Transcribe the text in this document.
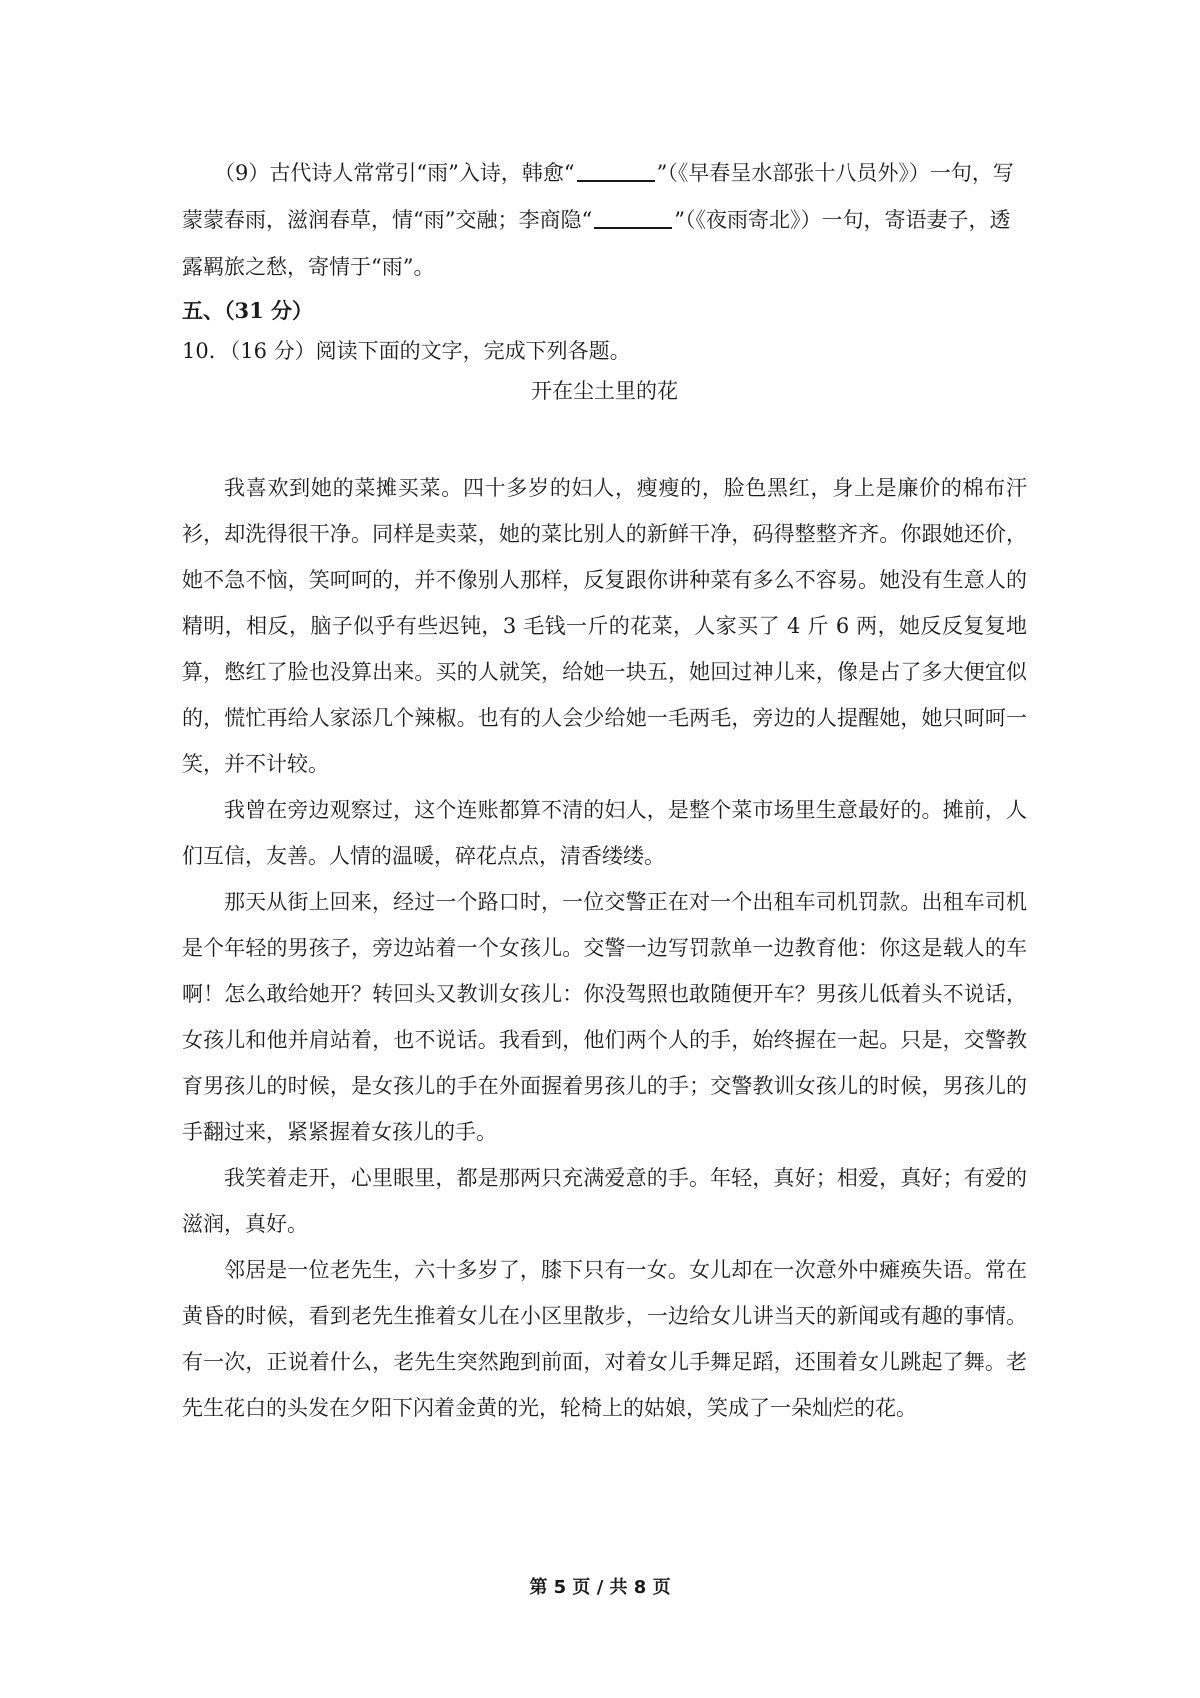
（9）古代诗人常常引“雨”入诗，韩愈“	”（《早春呈水部张十八员外》）一句，写蒙蒙春雨，滋润春草，情“雨”交融；李商隐“	”（《夜雨寄北》）一句，寄语妻子，透露羁旅之愁，寄情于“雨”。

五、（31 分）

10．（16 分）阅读下面的文字，完成下列各题。

开在尘土里的花

我喜欢到她的菜摊买菜。四十多岁的妇人，瘦瘦的，脸色黑红，身上是廉价的棉布汗衫，却洗得很干净。同样是卖菜，她的菜比别人的新鲜干净，码得整整齐齐。你跟她还价，她不急不恼，笑呵呵的，并不像别人那样，反复跟你讲种菜有多么不容易。她没有生意人的精明，相反，脑子似乎有些迟钝，3 毛钱一斤的花菜，人家买了 4 斤 6 两，她反反复复地算，憋红了脸也没算出来。买的人就笑，给她一块五，她回过神儿来，像是占了多大便宜似的，慌忙再给人家添几个辣椒。也有的人会少给她一毛两毛，旁边的人提醒她，她只呵呵一笑，并不计较。

我曾在旁边观察过，这个连账都算不清的妇人，是整个菜市场里生意最好的。摊前，人们互信，友善。人情的温暖，碎花点点，清香缕缕。

那天从街上回来，经过一个路口时，一位交警正在对一个出租车司机罚款。出租车司机是个年轻的男孩子，旁边站着一个女孩儿。交警一边写罚款单一边教育他：你这是载人的车啊！怎么敢给她开？转回头又教训女孩儿：你没驾照也敢随便开车？男孩儿低着头不说话，女孩儿和他并肩站着，也不说话。我看到，他们两个人的手，始终握在一起。只是，交警教育男孩儿的时候，是女孩儿的手在外面握着男孩儿的手；交警教训女孩儿的时候，男孩儿的手翻过来，紧紧握着女孩儿的手。

我笑着走开，心里眼里，都是那两只充满爱意的手。年轻，真好；相爱，真好；有爱的滋润，真好。

邻居是一位老先生，六十多岁了，膝下只有一女。女儿却在一次意外中瘫痪失语。常在黄昏的时候，看到老先生推着女儿在小区里散步，一边给女儿讲当天的新闻或有趣的事情。有一次，正说着什么，老先生突然跑到前面，对着女儿手舞足蹈，还围着女儿跳起了舞。老先生花白的头发在夕阳下闪着金黄的光，轮椅上的姑娘，笑成了一朵灿烂的花。

第 5 页 / 共 8 页
